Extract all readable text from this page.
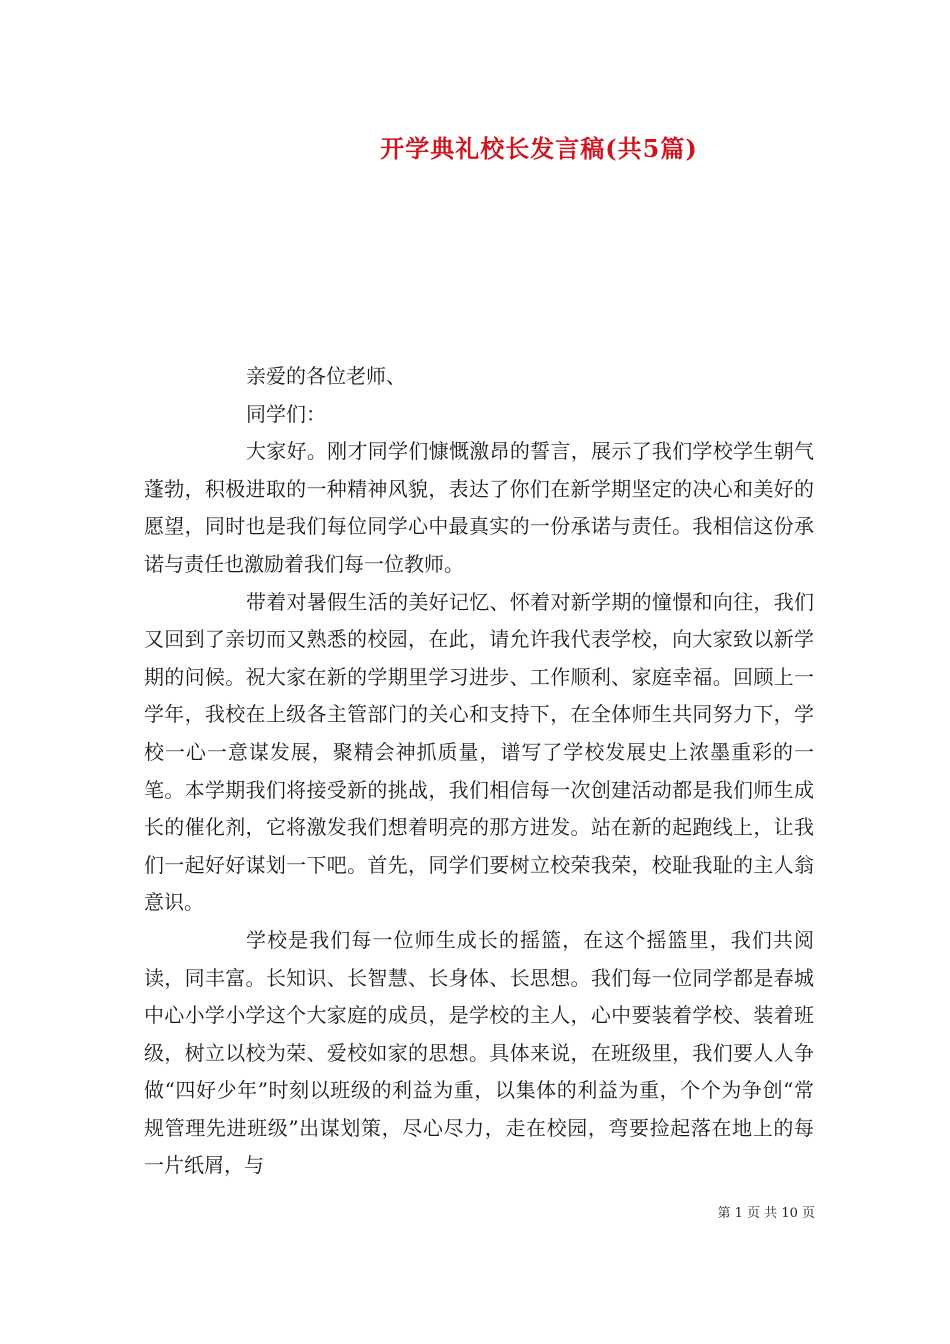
开学典礼校长发言稿(共5篇)

亲爱的各位老师、

同学们：

大家好。刚才同学们慷慨激昂的誓言，展示了我们学校学生朝气蓬勃，积极进取的一种精神风貌，表达了你们在新学期坚定的决心和美好的愿望，同时也是我们每位同学心中最真实的一份承诺与责任。我相信这份承诺与责任也激励着我们每一位教师。

带着对暑假生活的美好记忆、怀着对新学期的憧憬和向往，我们又回到了亲切而又熟悉的校园，在此，请允许我代表学校，向大家致以新学期的问候。祝大家在新的学期里学习进步、工作顺利、家庭幸福。回顾上一学年，我校在上级各主管部门的关心和支持下，在全体师生共同努力下，学校一心一意谋发展，聚精会神抓质量，谱写了学校发展史上浓墨重彩的一笔。本学期我们将接受新的挑战，我们相信每一次创建活动都是我们师生成长的催化剂，它将激发我们想着明亮的那方进发。站在新的起跑线上，让我们一起好好谋划一下吧。首先，同学们要树立校荣我荣，校耻我耻的主人翁意识。

学校是我们每一位师生成长的摇篮，在这个摇篮里，我们共阅读，同丰富。长知识、长智慧、长身体、长思想。我们每一位同学都是春城中心小学小学这个大家庭的成员，是学校的主人，心中要装着学校、装着班级，树立以校为荣、爱校如家的思想。具体来说，在班级里，我们要人人争做“四好少年”时刻以班级的利益为重，以集体的利益为重，个个为争创“常规管理先进班级”出谋划策，尽心尽力，走在校园，弯要捡起落在地上的每一片纸屑，与

第 1 页 共 10 页
